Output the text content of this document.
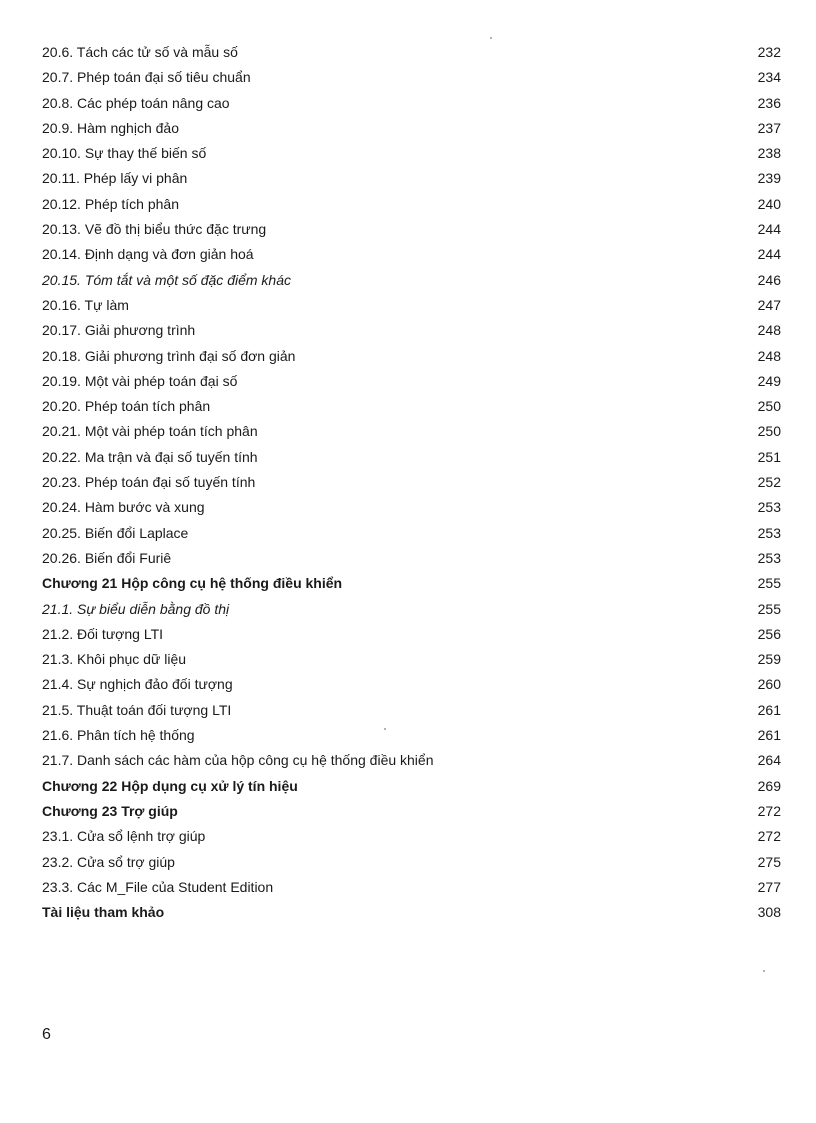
20.6. Tách các tử số và mẫu số	232
20.7. Phép toán đại số tiêu chuẩn	234
20.8. Các phép toán nâng cao	236
20.9. Hàm nghịch đảo	237
20.10. Sự thay thế biến số	238
20.11. Phép lấy vi phân	239
20.12. Phép tích phân	240
20.13. Vẽ đồ thị biểu thức đặc trưng	244
20.14. Định dạng và đơn giản hoá	244
20.15. Tóm tắt và một số đặc điểm khác	246
20.16. Tự làm	247
20.17. Giải phương trình	248
20.18. Giải phương trình đại số đơn giản	248
20.19. Một vài phép toán đại số	249
20.20. Phép toán tích phân	250
20.21. Một vài phép toán tích phân	250
20.22. Ma trận và đại số tuyến tính	251
20.23. Phép toán đại số tuyến tính	252
20.24. Hàm bước và xung	253
20.25. Biến đổi Laplace	253
20.26. Biến đổi Furiê	253
Chương 21 Hộp công cụ hệ thống điều khiển	255
21.1. Sự biểu diễn bằng đồ thị	255
21.2. Đối tượng LTI	256
21.3. Khôi phục dữ liệu	259
21.4. Sự nghịch đảo đối tượng	260
21.5. Thuật toán đối tượng LTI	261
21.6. Phân tích hệ thống	261
21.7. Danh sách các hàm của hộp công cụ hệ thống điều khiển	264
Chương 22 Hộp dụng cụ xử lý tín hiệu	269
Chương 23 Trợ giúp	272
23.1. Cửa sổ lệnh trợ giúp	272
23.2. Cửa sổ trợ giúp	275
23.3. Các M_File của Student Edition	277
Tài liệu tham khảo	308
6
